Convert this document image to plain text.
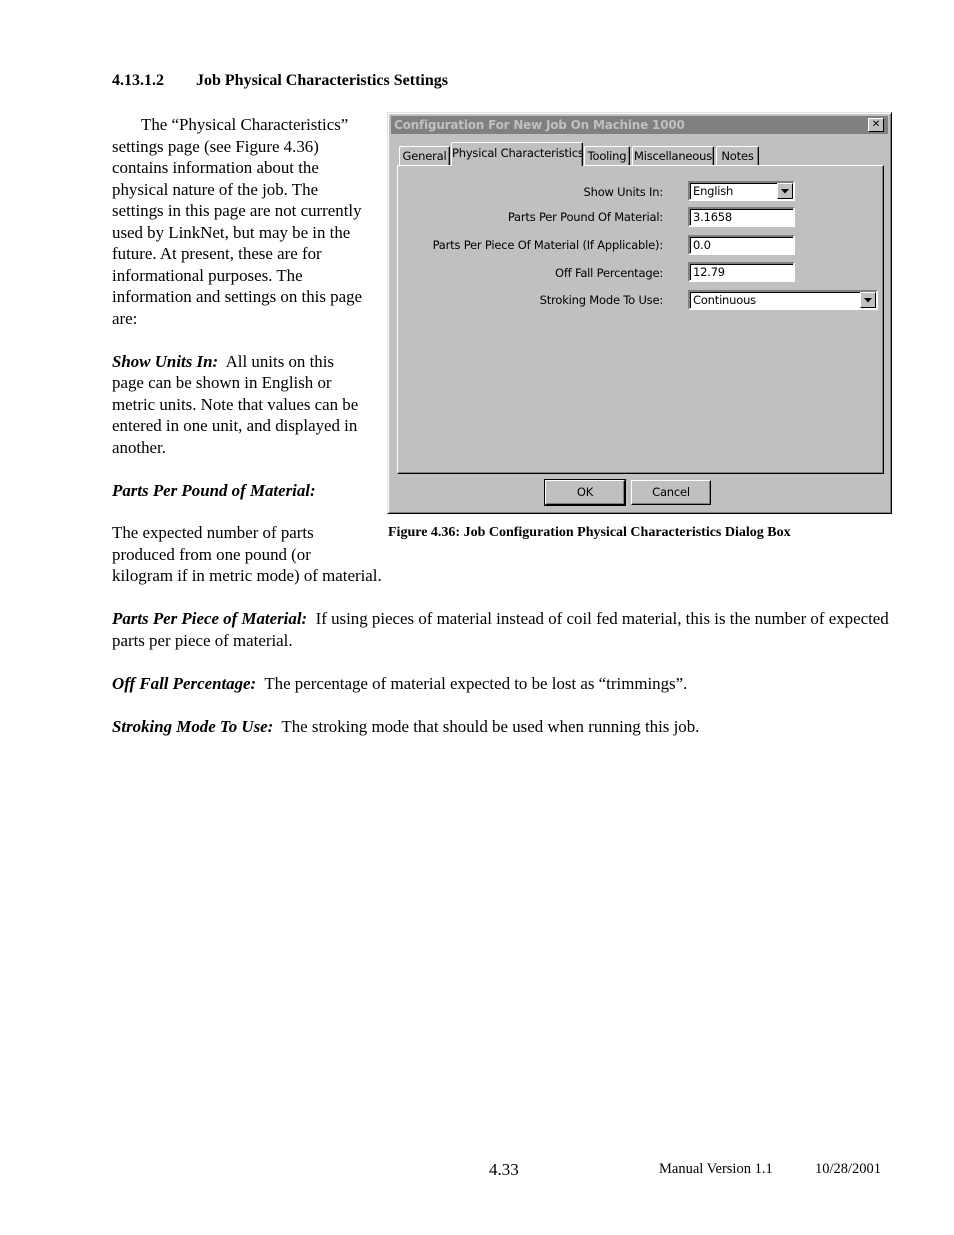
4.13.1.2 Job Physical Characteristics Settings

The “Physical Characteristics” settings page (see Figure 4.36) contains information about the physical nature of the job. The settings in this page are not currently used by LinkNet, but may be in the future. At present, these are for informational purposes. The information and settings on this page are:

Show Units In: All units on this page can be shown in English or metric units. Note that values can be entered in one unit, and displayed in another.

Parts Per Pound of Material:

The expected number of parts produced from one pound (or

kilogram if in metric mode) of material.

Parts Per Piece of Material: If using pieces of material instead of coil fed material, this is the number of expected parts per piece of material.

Off Fall Percentage: The percentage of material expected to be lost as “trimmings”.

Stroking Mode To Use: The stroking mode that should be used when running this job.

Configuration For New Job On Machine 1000	✕
General Physical Characteristics Tooling Miscellaneous Notes
Show Units In:	English
Parts Per Pound Of Material:	3.1658
Parts Per Piece Of Material (If Applicable):	0.0
Off Fall Percentage:	12.79
Stroking Mode To Use:	Continuous
OK	Cancel

Figure 4.36: Job Configuration Physical Characteristics Dialog Box

4.33	Manual Version 1.1	10/28/2001
